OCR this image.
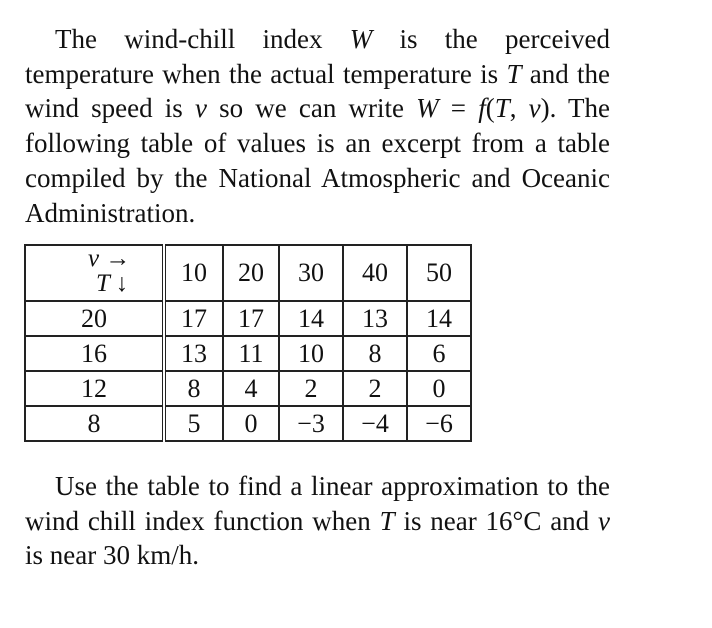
The wind-chill index W is the perceived temperature when the actual temperature is T and the wind speed is v so we can write W = f(T, v). The following table of values is an excerpt from a table compiled by the National Atmospheric and Oceanic Administration.
v →
T ↓	10	20	30	40	50
20	17	17	14	13	14
16	13	11	10	8	6
12	8	4	2	2	0
8	5	0	−3	−4	−6
Use the table to find a linear approximation to the wind chill index function when T is near 16°C and v is near 30 km/h.
